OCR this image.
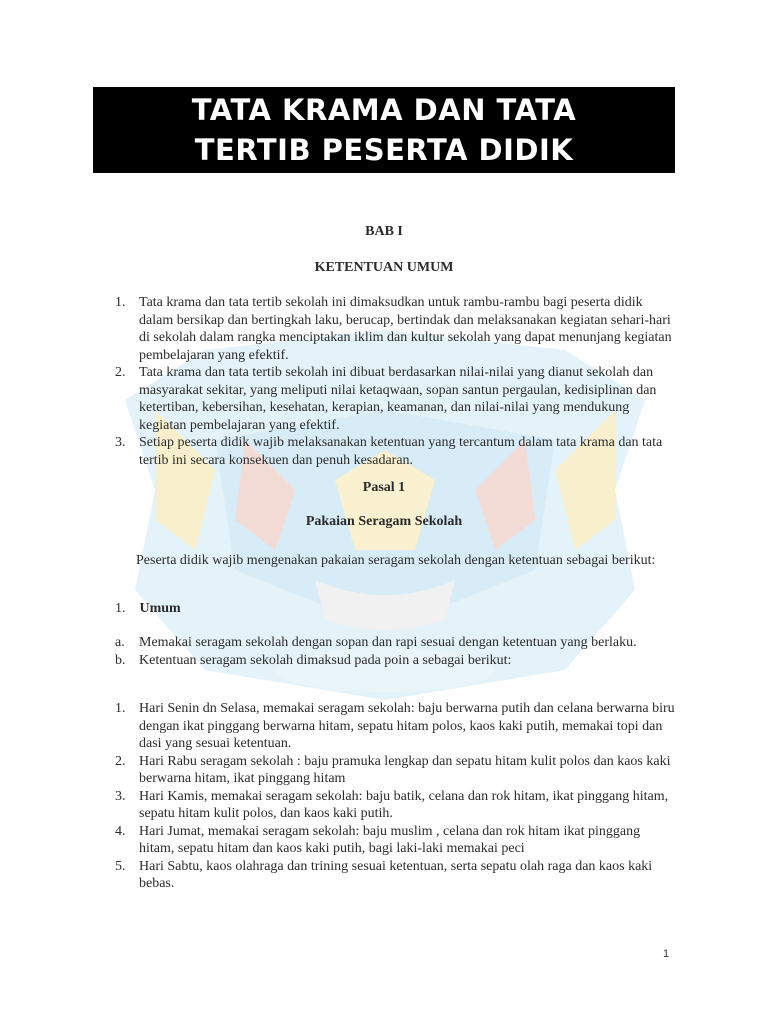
TATA KRAMA DAN TATA
TERTIB PESERTA DIDIK
BAB I
KETENTUAN UMUM
1. Tata krama dan tata tertib sekolah ini dimaksudkan untuk rambu-rambu bagi peserta didik dalam bersikap dan bertingkah laku, berucap, bertindak dan melaksanakan kegiatan sehari-hari di sekolah dalam rangka menciptakan iklim dan kultur sekolah yang dapat menunjang kegiatan pembelajaran yang efektif.
2. Tata krama dan tata tertib sekolah ini dibuat berdasarkan nilai-nilai yang dianut sekolah dan masyarakat sekitar, yang meliputi nilai ketaqwaan, sopan santun pergaulan, kedisiplinan dan ketertiban, kebersihan, kesehatan, kerapian, keamanan, dan nilai-nilai yang mendukung kegiatan pembelajaran yang efektif.
3. Setiap peserta didik wajib melaksanakan ketentuan yang tercantum dalam tata krama dan tata tertib ini secara konsekuen dan penuh kesadaran.
Pasal 1
Pakaian Seragam Sekolah
Peserta didik wajib mengenakan pakaian seragam sekolah dengan ketentuan sebagai berikut:
1. Umum
a. Memakai seragam sekolah dengan sopan dan rapi sesuai dengan ketentuan yang berlaku.
b. Ketentuan seragam sekolah dimaksud pada poin a sebagai berikut:
1. Hari Senin dn Selasa, memakai seragam sekolah: baju berwarna putih dan celana berwarna biru dengan ikat pinggang berwarna hitam, sepatu hitam polos, kaos kaki putih, memakai topi dan dasi yang sesuai ketentuan.
2. Hari Rabu seragam sekolah : baju pramuka lengkap dan sepatu hitam kulit polos dan kaos kaki berwarna hitam, ikat pinggang hitam
3. Hari Kamis, memakai seragam sekolah: baju batik, celana dan rok hitam, ikat pinggang hitam, sepatu hitam kulit polos, dan kaos kaki putih.
4. Hari Jumat, memakai seragam sekolah: baju muslim , celana dan rok hitam ikat pinggang hitam, sepatu hitam dan kaos kaki putih, bagi laki-laki memakai peci
5. Hari Sabtu, kaos olahraga dan trining sesuai ketentuan, serta sepatu olah raga dan kaos kaki bebas.
1
